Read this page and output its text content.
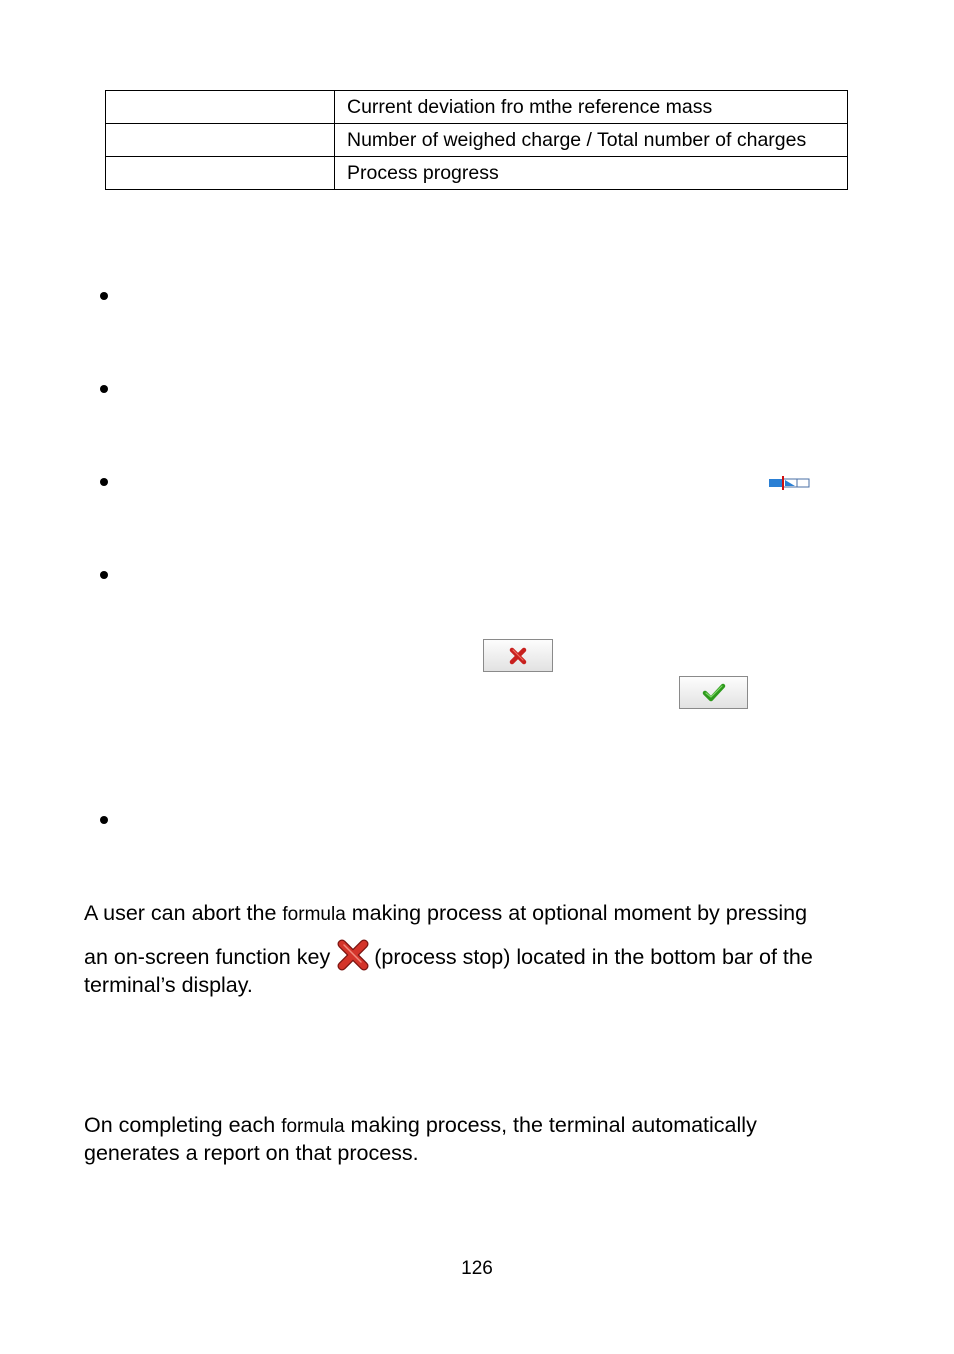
	Current deviation fro mthe reference mass
	Number of weighed charge / Total number of charges
	Process progress

A user can abort the formula making process at optional moment by pressing
an on-screen function key (process stop) located in the bottom bar of the
terminal’s display.

On completing each formula making process, the terminal automatically
generates a report on that process.

126
